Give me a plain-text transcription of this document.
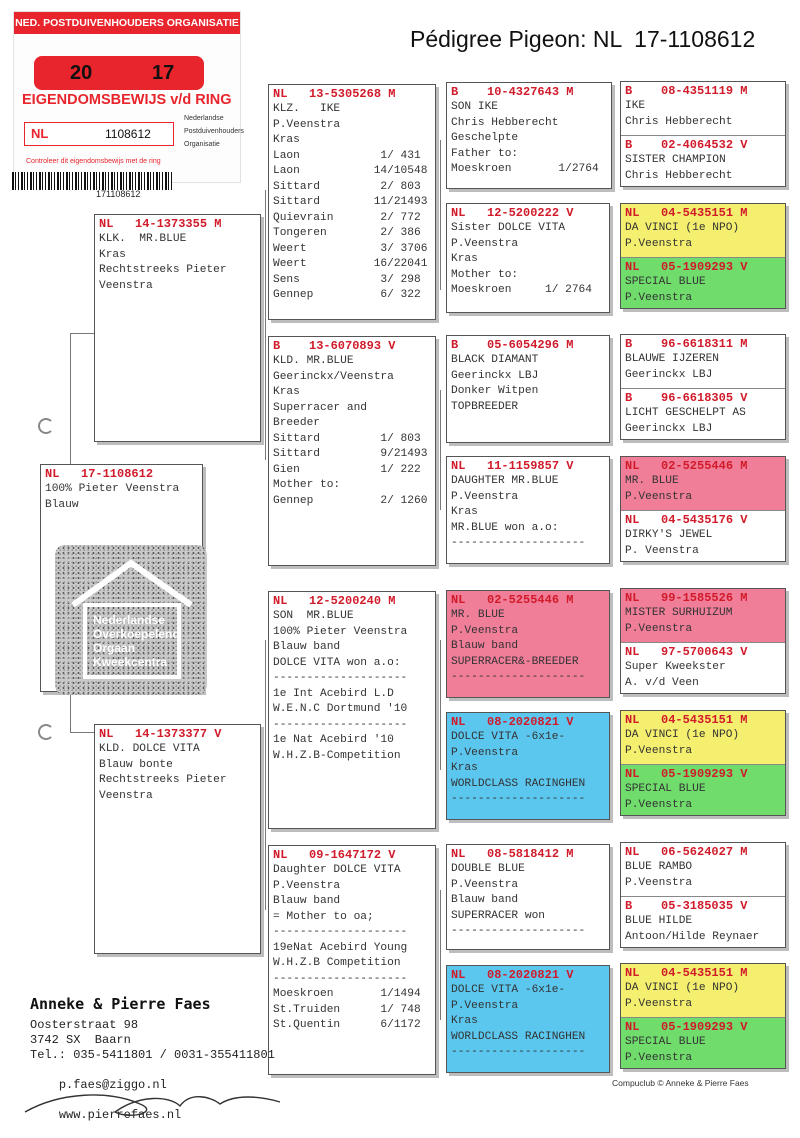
Pédigree Pigeon: NL  17-1108612
NED. POSTDUIVENHOUDERS ORGANISATIE
20	17
EIGENDOMSBEWIJS v/d RING
NL	1108612
Nederlandse
Postduivenhouders
Organisatie
Controleer dit eigendomsbewijs met de ring
171108612
NL   17-1108612
100% Pieter Veenstra
Blauw
Nederlandse Overkoepelend Orgaan Kweekcentra
NL   14-1373355 M
KLK.  MR.BLUE
Kras
Rechtstreeks Pieter
Veenstra
NL   14-1373377 V
KLD. DOLCE VITA
Blauw bonte
Rechtstreeks Pieter
Veenstra
NL   13-5305268 M
KLZ.   IKE
P.Veenstra
Kras
Laon            1/ 431
Laon           14/10548
Sittard         2/ 803
Sittard        11/21493
Quievrain       2/ 772
Tongeren        2/ 386
Weert           3/ 3706
Weert          16/22041
Sens            3/ 298
Gennep          6/ 322
B    13-6070893 V
KLD. MR.BLUE
Geerinckx/Veenstra
Kras
Superracer and
Breeder
Sittard         1/ 803
Sittard         9/21493
Gien            1/ 222
Mother to:
Gennep          2/ 1260
NL   12-5200240 M
SON  MR.BLUE
100% Pieter Veenstra
Blauw band
DOLCE VITA won a.o:
--------------------
1e Int Acebird L.D
W.E.N.C Dortmund '10
--------------------
1e Nat Acebird '10
W.H.Z.B-Competition
NL   09-1647172 V
Daughter DOLCE VITA
P.Veenstra
Blauw band
= Mother to oa;
--------------------
19eNat Acebird Young
W.H.Z.B Competition
--------------------
Moeskroen       1/1494
St.Truiden      1/ 748
St.Quentin      6/1172
B    10-4327643 M
SON IKE
Chris Hebberecht
Geschelpte
Father to:
Moeskroen       1/2764
NL   12-5200222 V
Sister DOLCE VITA
P.Veenstra
Kras
Mother to:
Moeskroen     1/ 2764
B    05-6054296 M
BLACK DIAMANT
Geerinckx LBJ
Donker Witpen
TOPBREEDER
NL   11-1159857 V
DAUGHTER MR.BLUE
P.Veenstra
Kras
MR.BLUE won a.o:
--------------------
NL   02-5255446 M
MR. BLUE
P.Veenstra
Blauw band
SUPERRACER&-BREEDER
--------------------
NL   08-2020821 V
DOLCE VITA -6x1e-
P.Veenstra
Kras
WORLDCLASS RACINGHEN
--------------------
NL   08-5818412 M
DOUBLE BLUE
P.Veenstra
Blauw band
SUPERRACER won
--------------------
NL   08-2020821 V
DOLCE VITA -6x1e-
P.Veenstra
Kras
WORLDCLASS RACINGHEN
--------------------
B    08-4351119 M
IKE
Chris Hebberecht
B    02-4064532 V
SISTER CHAMPION
Chris Hebberecht
NL   04-5435151 M
DA VINCI (1e NPO)
P.Veenstra
NL   05-1909293 V
SPECIAL BLUE
P.Veenstra
B    96-6618311 M
BLAUWE IJZEREN
Geerinckx LBJ
B    96-6618305 V
LICHT GESCHELPT AS
Geerinckx LBJ
NL   02-5255446 M
MR. BLUE
P.Veenstra
NL   04-5435176 V
DIRKY'S JEWEL
P. Veenstra
NL   99-1585526 M
MISTER SURHUIZUM
P.Veenstra
NL   97-5700643 V
Super Kweekster
A. v/d Veen
NL   04-5435151 M
DA VINCI (1e NPO)
P.Veenstra
NL   05-1909293 V
SPECIAL BLUE
P.Veenstra
NL   06-5624027 M
BLUE RAMBO
P.Veenstra
B    05-3185035 V
BLUE HILDE
Antoon/Hilde Reynaer
NL   04-5435151 M
DA VINCI (1e NPO)
P.Veenstra
NL   05-1909293 V
SPECIAL BLUE
P.Veenstra
Anneke & Pierre Faes
Oosterstraat 98
3742 SX  Baarn
Tel.: 035-5411801 / 0031-355411801

p.faes@ziggo.nl

www.pierrefaes.nl

Compuclub © Anneke & Pierre Faes
